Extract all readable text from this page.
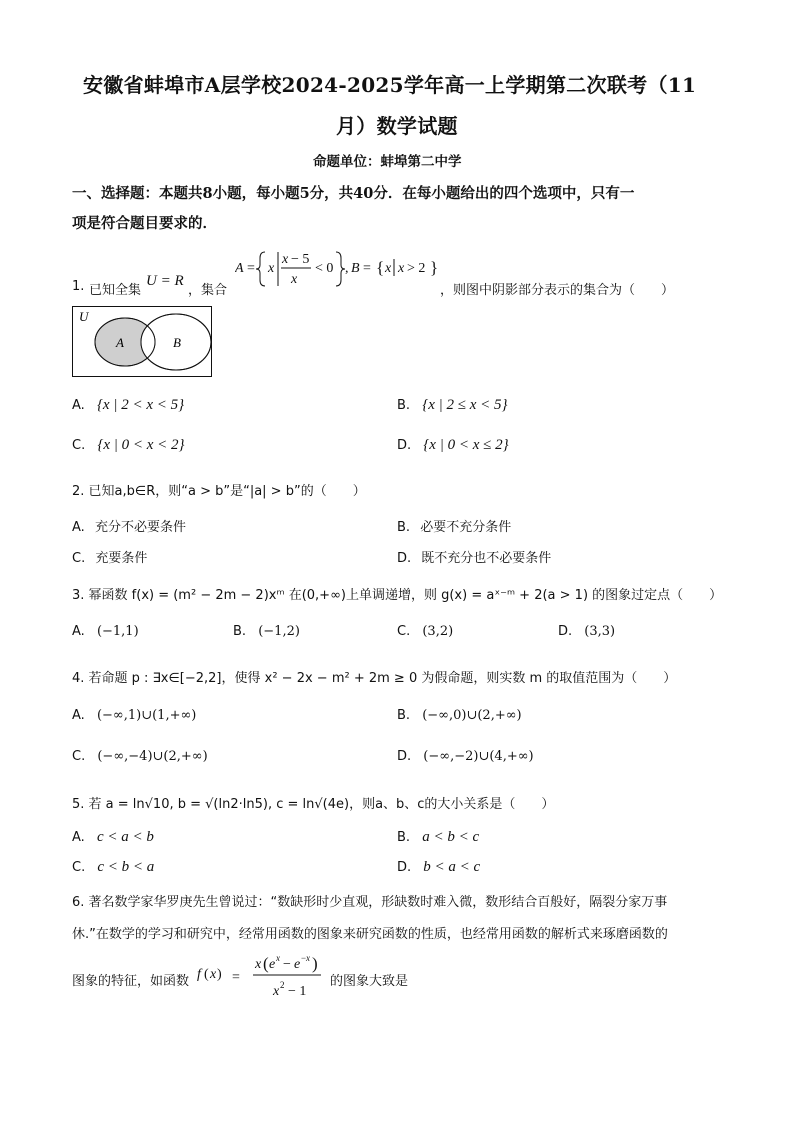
安徽省蚌埠市A层学校2024-2025学年高一上学期第二次联考（11
月）数学试题
命题单位：蚌埠第二中学
一、选择题：本题共8小题，每小题5分，共40分．在每小题给出的四个选项中，只有一
项是符合题目要求的．
1. 已知全集
U = R
，集合
A = x
x − 5
x
< 0 , B = { x x > 2 }
，则图中阴影部分表示的集合为（　　）
U
A	B
A. {x | 2 < x < 5}	B. {x | 2 ≤ x < 5}
C. {x | 0 < x < 2}	D. {x | 0 < x ≤ 2}
2. 已知a,b∈R，则“a > b”是“|a| > b”的（　　）
A. 充分不必要条件	B. 必要不充分条件
C. 充要条件	D. 既不充分也不必要条件
3. 幂函数 f(x) = (m² − 2m − 2)xᵐ 在(0,+∞)上单调递增，则 g(x) = aˣ⁻ᵐ + 2(a > 1) 的图象过定点（　　）
A. (−1,1)	B. (−1,2)	C. (3,2)	D. (3,3)
4. 若命题 p : ∃x∈[−2,2]，使得 x² − 2x − m² + 2m ≥ 0 为假命题，则实数 m 的取值范围为（　　）
A. (−∞,1)∪(1,+∞)	B. (−∞,0)∪(2,+∞)
C. (−∞,−4)∪(2,+∞)	D. (−∞,−2)∪(4,+∞)
5. 若 a = ln√10, b = √(ln2·ln5), c = ln√(4e)，则a、b、c的大小关系是（　　）
A. c < a < b	B. a < b < c
C. c < b < a	D. b < a < c
6. 著名数学家华罗庚先生曾说过：“数缺形时少直观，形缺数时难入微，数形结合百般好，隔裂分家万事
休.”在数学的学习和研究中，经常用函数的图象来研究函数的性质，也经常用函数的解析式来琢磨函数的
图象的特征，如函数 f ( x ) =
x ( e x − e − x )
x 2 − 1
的图象大致是
